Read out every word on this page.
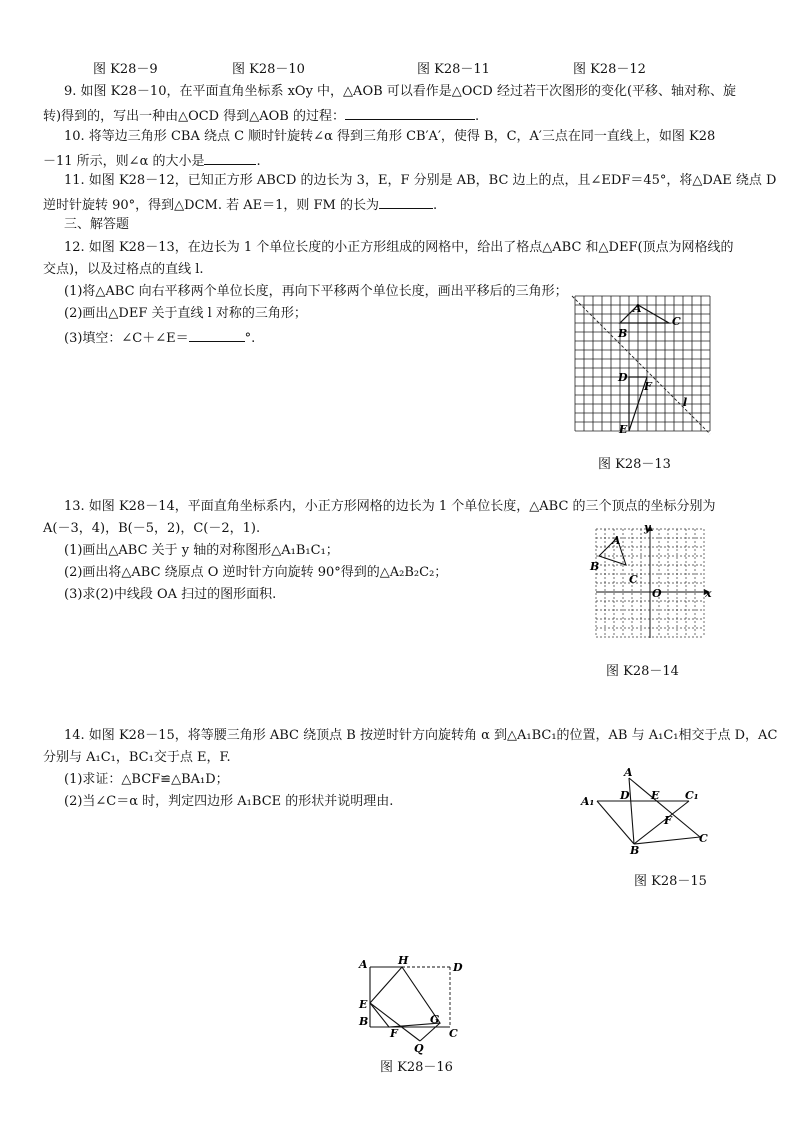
图 K28－9	图 K28－10	图 K28－11	图 K28－12
9. 如图 K28－10，在平面直角坐标系 xOy 中，△AOB 可以看作是△OCD 经过若干次图形的变化(平移、轴对称、旋
转)得到的，写出一种由△OCD 得到△AOB 的过程：	.
10. 将等边三角形 CBA 绕点 C 顺时针旋转∠α 得到三角形 CB′A′，使得 B，C，A′三点在同一直线上，如图 K28
－11 所示，则∠α 的大小是	.
11. 如图 K28－12，已知正方形 ABCD 的边长为 3，E，F 分别是 AB，BC 边上的点，且∠EDF＝45°，将△DAE 绕点 D
逆时针旋转 90°，得到△DCM. 若 AE＝1，则 FM 的长为	.
三、解答题
12. 如图 K28－13，在边长为 1 个单位长度的小正方形组成的网格中，给出了格点△ABC 和△DEF(顶点为网格线的
交点)，以及过格点的直线 l.
(1)将△ABC 向右平移两个单位长度，再向下平移两个单位长度，画出平移后的三角形；
(2)画出△DEF 关于直线 l 对称的三角形；
(3)填空：∠C＋∠E＝	°.
A
B
C
D
F
E
l
图 K28－13
13. 如图 K28－14，平面直角坐标系内，小正方形网格的边长为 1 个单位长度，△ABC 的三个顶点的坐标分别为
A(－3，4)，B(－5，2)，C(－2，1).
(1)画出△ABC 关于 y 轴的对称图形△A₁B₁C₁；
(2)画出将△ABC 绕原点 O 逆时针方向旋转 90°得到的△A₂B₂C₂；
(3)求(2)中线段 OA 扫过的图形面积.
y
A
B
C
O	x
图 K28－14
14. 如图 K28－15，将等腰三角形 ABC 绕顶点 B 按逆时针方向旋转角 α 到△A₁BC₁的位置，AB 与 A₁C₁相交于点 D，AC
分别与 A₁C₁，BC₁交于点 E，F.
(1)求证：△BCF≌△BA₁D；
(2)当∠C＝α 时，判定四边形 A₁BCE 的形状并说明理由.
A
A₁ D E C₁
F
B
C
图 K28－15
A	H
D
E
B
F
G
C
Q
图 K28－16
